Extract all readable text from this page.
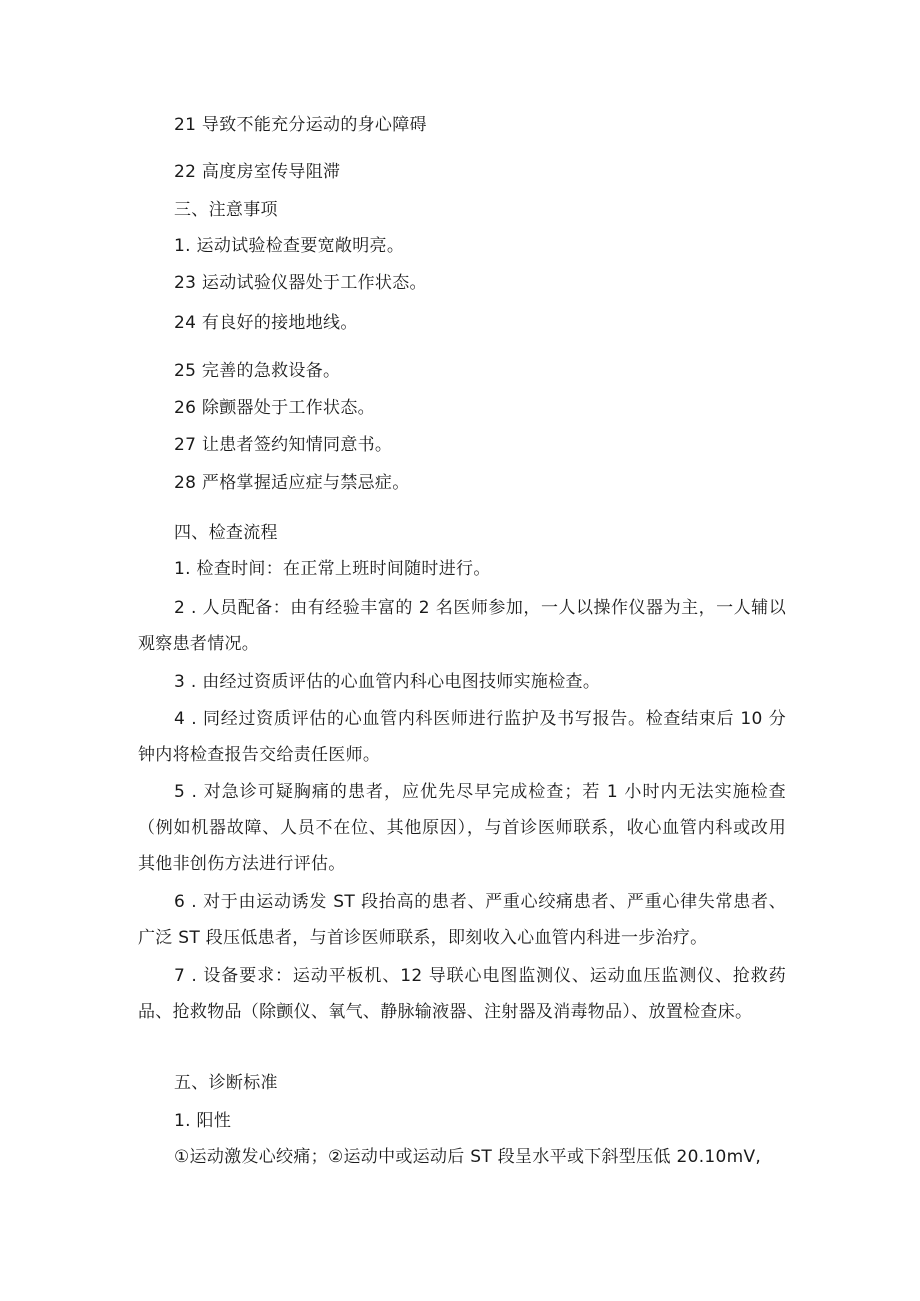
21 导致不能充分运动的身心障碍
22 高度房室传导阻滞
三、注意事项
1. 运动试验检查要宽敞明亮。
23 运动试验仪器处于工作状态。
24 有良好的接地地线。
25 完善的急救设备。
26 除颤器处于工作状态。
27 让患者签约知情同意书。
28 严格掌握适应症与禁忌症。
四、检查流程
1. 检查时间：在正常上班时间随时进行。
2 . 人员配备：由有经验丰富的 2 名医师参加，一人以操作仪器为主，一人辅以观察患者情况。
3 . 由经过资质评估的心血管内科心电图技师实施检查。
4 . 同经过资质评估的心血管内科医师进行监护及书写报告。检查结束后 10 分钟内将检查报告交给责任医师。
5 . 对急诊可疑胸痛的患者，应优先尽早完成检查；若 1 小时内无法实施检查（例如机器故障、人员不在位、其他原因），与首诊医师联系，收心血管内科或改用其他非创伤方法进行评估。
6 . 对于由运动诱发 ST 段抬高的患者、严重心绞痛患者、严重心律失常患者、广泛 ST 段压低患者，与首诊医师联系，即刻收入心血管内科进一步治疗。
7 . 设备要求：运动平板机、12 导联心电图监测仪、运动血压监测仪、抢救药品、抢救物品（除颤仪、氧气、静脉输液器、注射器及消毒物品）、放置检查床。
五、诊断标准
1. 阳性
①运动激发心绞痛；②运动中或运动后 ST 段呈水平或下斜型压低 20.10mV,
